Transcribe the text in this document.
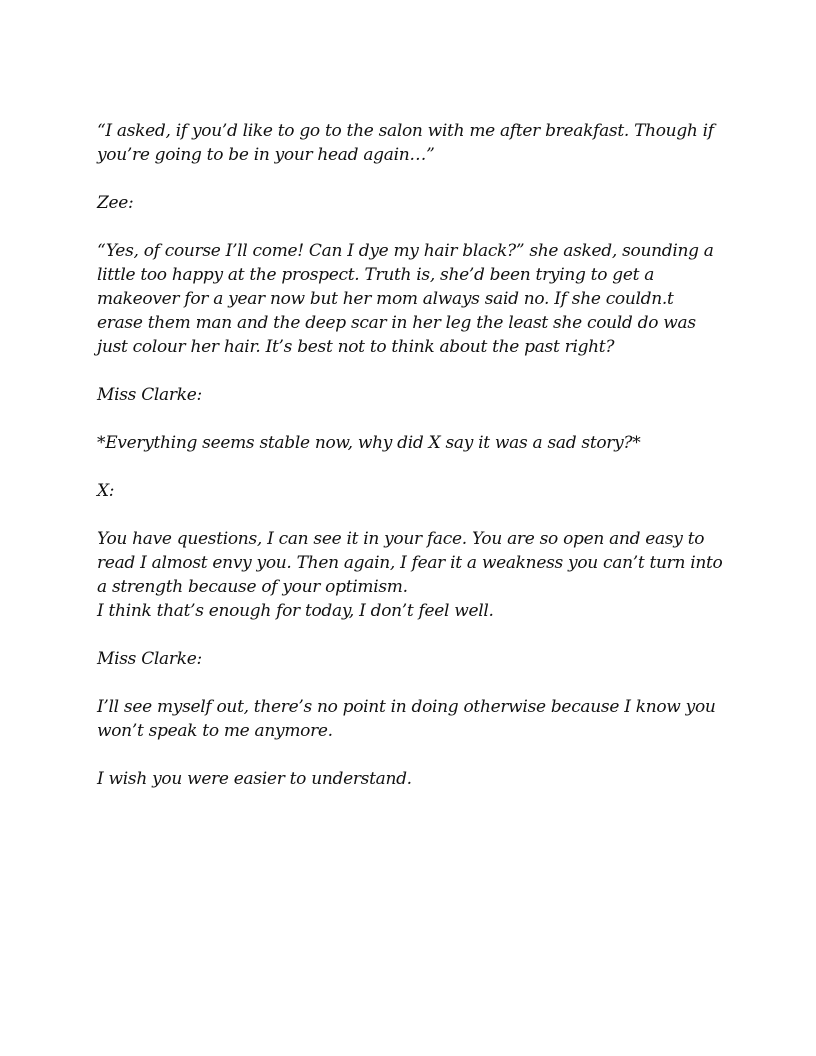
“I asked, if you’d like to go to the salon with me after breakfast. Though if you’re going to be in your head again…”

Zee:

“Yes, of course I’ll come! Can I dye my hair black?” she asked, sounding a little too happy at the prospect. Truth is, she’d been trying to get a makeover for a year now but her mom always said no. If she couldn.t erase them man and the deep scar in her leg the least she could do was just colour her hair. It’s best not to think about the past right?

Miss Clarke:

*Everything seems stable now, why did X say it was a sad story?*

X:

You have questions, I can see it in your face. You are so open and easy to read I almost envy you. Then again, I fear it a weakness you can’t turn into a strength because of your optimism.

I think that’s enough for today, I don’t feel well.

Miss Clarke:

I’ll see myself out, there’s no point in doing otherwise because I know you won’t speak to me anymore.

I wish you were easier to understand.
